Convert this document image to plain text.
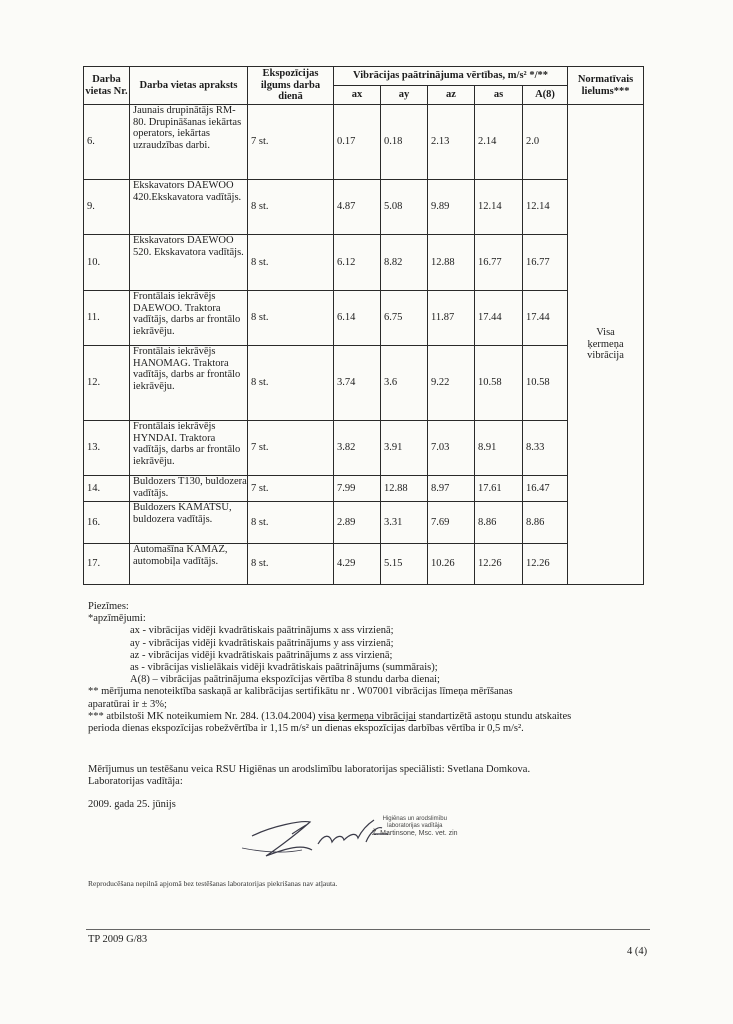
Darba vietas Nr.	Darba vietas apraksts	Ekspozīcijas ilgums darba dienā	Vibrācijas paātrinājuma vērtības, m/s² */**					Normatīvais lielums***
			ax	ay	az	as	A(8)	
6.	Jaunais drupinātājs RM-80. Drupināšanas iekārtas operators, iekārtas uzraudzības darbi.	7 st.	0.17	0.18	2.13	2.14	2.0	Visa
ķermeņa
vibrācija

9.	Ekskavators DAEWOO 420.Ekskavatora vadītājs.	8 st.	4.87	5.08	9.89	12.14	12.14	
10.	Ekskavators DAEWOO 520. Ekskavatora vadītājs.	8 st.	6.12	8.82	12.88	16.77	16.77	
11.	Frontālais iekrāvējs DAEWOO. Traktora vadītājs, darbs ar frontālo iekrāvēju.	8 st.	6.14	6.75	11.87	17.44	17.44	
12.	Frontālais iekrāvējs HANOMAG. Traktora vadītājs, darbs ar frontālo iekrāvēju.	8 st.	3.74	3.6	9.22	10.58	10.58	
13.	Frontālais iekrāvējs HYNDAI. Traktora vadītājs, darbs ar frontālo iekrāvēju.	7 st.	3.82	3.91	7.03	8.91	8.33	
14.	Buldozers T130, buldozera vadītājs.	7 st.	7.99	12.88	8.97	17.61	16.47	
16.	Buldozers KAMATSU, buldozera vadītājs.	8 st.	2.89	3.31	7.69	8.86	8.86	
17.	Automašīna KAMAZ, automobiļa vadītājs.	8 st.	4.29	5.15	10.26	12.26	12.26	

Piezīmes:

*apzīmējumi:

ax - vibrācijas vidēji kvadrātiskais paātrinājums x ass virzienā;

ay - vibrācijas vidēji kvadrātiskais paātrinājums y ass virzienā;

az - vibrācijas vidēji kvadrātiskais paātrinājums z ass virzienā;

as - vibrācijas vislielākais vidēji kvadrātiskais paātrinājums (summārais);

A(8) – vibrācijas paātrinājuma ekspozīcijas vērtība 8 stundu darba dienai;

** mērījuma nenoteiktība saskaņā ar kalibrācijas sertifikātu nr . W07001 vibrācijas līmeņa mērīšanas

aparatūrai ir ± 3%;

*** atbilstoši MK noteikumiem Nr. 284. (13.04.2004) visa ķermeņa vibrācijai standartizētā astoņu stundu atskaites

perioda dienas ekspozīcijas robežvērtība ir 1,15 m/s² un dienas ekspozīcijas darbības vērtība ir 0,5 m/s².

Mērījumus un testēšanu veica RSU Higiēnas un arodslimību laboratorijas speciālisti: Svetlana Domkova.

Laboratorijas vadītāja:

2009. gada 25. jūnijs
Higiēnas un arodslimību
laboratorijas vadītāja
Ž. Martinsone, Msc. vet. zin
Reproducēšana nepilnā apjomā bez testēšanas laboratorijas piekrišanas nav atļauta.
TP 2009 G/83
4 (4)
